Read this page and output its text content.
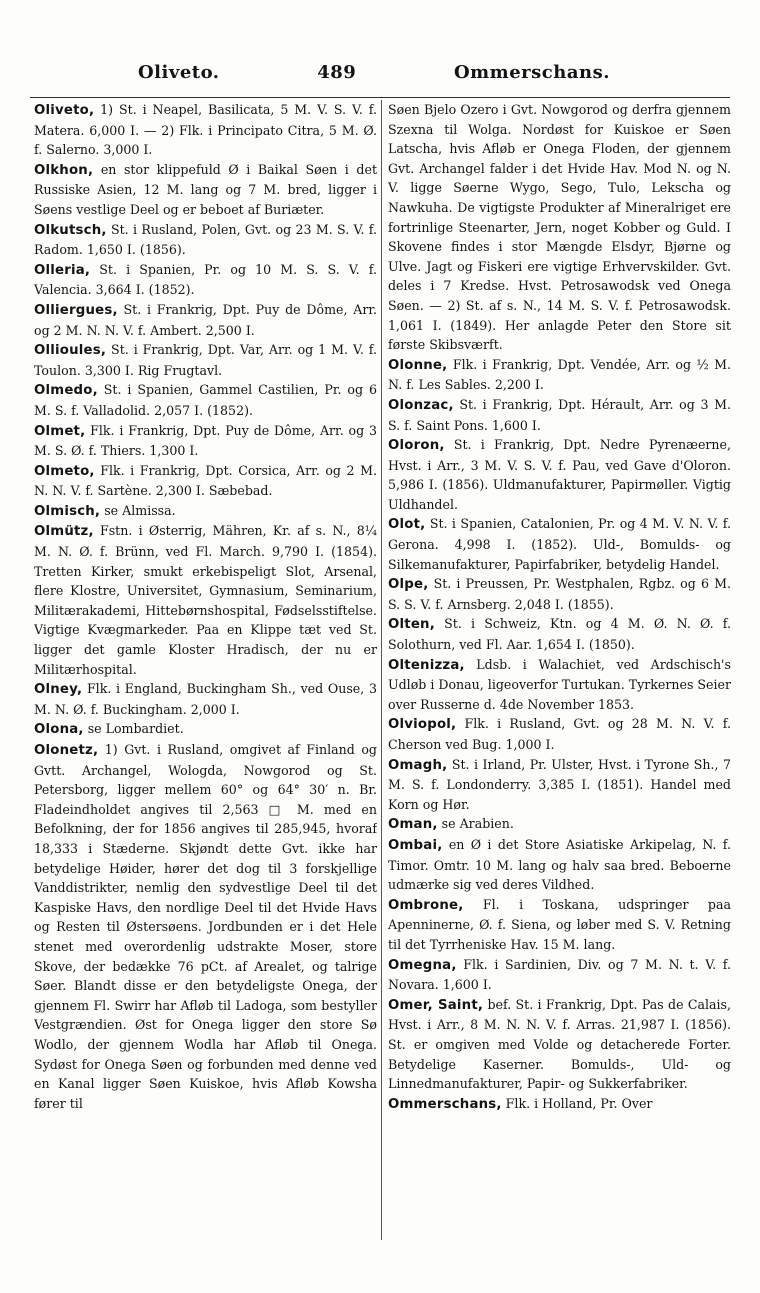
Oliveto.	489	Ommerschans.

Oliveto, 1) St. i Neapel, Basilicata, 5 M. V. S. V. f. Matera. 6,000 I. — 2) Flk. i Principato Citra, 5 M. Ø. f. Salerno. 3,000 I.

Olkhon, en stor klippefuld Ø i Baikal Søen i det Russiske Asien, 12 M. lang og 7 M. bred, ligger i Søens vestlige Deel og er beboet af Buriæter.

Olkutsch, St. i Rusland, Polen, Gvt. og 23 M. S. V. f. Radom. 1,650 I. (1856).

Olleria, St. i Spanien, Pr. og 10 M. S. S. V. f. Valencia. 3,664 I. (1852).

Olliergues, St. i Frankrig, Dpt. Puy de Dôme, Arr. og 2 M. N. N. V. f. Ambert. 2,500 I.

Ollioules, St. i Frankrig, Dpt. Var, Arr. og 1 M. V. f. Toulon. 3,300 I. Rig Frugtavl.

Olmedo, St. i Spanien, Gammel Castilien, Pr. og 6 M. S. f. Valladolid. 2,057 I. (1852).

Olmet, Flk. i Frankrig, Dpt. Puy de Dôme, Arr. og 3 M. S. Ø. f. Thiers. 1,300 I.

Olmeto, Flk. i Frankrig, Dpt. Corsica, Arr. og 2 M. N. N. V. f. Sartène. 2,300 I. Sæbebad.

Olmisch, se Almissa.

Olmütz, Fstn. i Østerrig, Mähren, Kr. af s. N., 8¼ M. N. Ø. f. Brünn, ved Fl. March. 9,790 I. (1854). Tretten Kirker, smukt erkebispeligt Slot, Arsenal, flere Klostre, Universitet, Gymnasium, Seminarium, Militærakademi, Hittebørnshospital, Fødselsstiftelse. Vigtige Kvægmarkeder. Paa en Klippe tæt ved St. ligger det gamle Kloster Hradisch, der nu er Militærhospital.

Olney, Flk. i England, Buckingham Sh., ved Ouse, 3 M. N. Ø. f. Buckingham. 2,000 I.

Olona, se Lombardiet.

Olonetz, 1) Gvt. i Rusland, omgivet af Finland og Gvtt. Archangel, Wologda, Nowgorod og St. Petersborg, ligger mellem 60° og 64° 30′ n. Br. Fladeindholdet angives til 2,563 □ M. med en Befolkning, der for 1856 angives til 285,945, hvoraf 18,333 i Stæderne. Skjøndt dette Gvt. ikke har betydelige Høider, hører det dog til 3 forskjellige Vanddistrikter, nemlig den sydvestlige Deel til det Kaspiske Havs, den nordlige Deel til det Hvide Havs og Resten til Østersøens. Jordbunden er i det Hele stenet med overordenlig udstrakte Moser, store Skove, der bedække 76 pCt. af Arealet, og talrige Søer. Blandt disse er den betydeligste Onega, der gjennem Fl. Swirr har Afløb til Ladoga, som bestyller Vestgrændien. Øst for Onega ligger den store Sø Wodlo, der gjennem Wodla har Afløb til Onega. Sydøst for Onega Søen og forbunden med denne ved en Kanal ligger Søen Kuiskoe, hvis Afløb Kowsha fører til

Søen Bjelo Ozero i Gvt. Nowgorod og derfra gjennem Szexna til Wolga. Nordøst for Kuiskoe er Søen Latscha, hvis Afløb er Onega Floden, der gjennem Gvt. Archangel falder i det Hvide Hav. Mod N. og N. V. ligge Søerne Wygo, Sego, Tulo, Lekscha og Nawkuha. De vigtigste Produkter af Mineralriget ere fortrinlige Steenarter, Jern, noget Kobber og Guld. I Skovene findes i stor Mængde Elsdyr, Bjørne og Ulve. Jagt og Fiskeri ere vigtige Erhvervskilder. Gvt. deles i 7 Kredse. Hvst. Petrosawodsk ved Onega Søen. — 2) St. af s. N., 14 M. S. V. f. Petrosawodsk. 1,061 I. (1849). Her anlagde Peter den Store sit første Skibsværft.

Olonne, Flk. i Frankrig, Dpt. Vendée, Arr. og ½ M. N. f. Les Sables. 2,200 I.

Olonzac, St. i Frankrig, Dpt. Hérault, Arr. og 3 M. S. f. Saint Pons. 1,600 I.

Oloron, St. i Frankrig, Dpt. Nedre Pyrenæerne, Hvst. i Arr., 3 M. V. S. V. f. Pau, ved Gave d'Oloron. 5,986 I. (1856). Uldmanufakturer, Papirmøller. Vigtig Uldhandel.

Olot, St. i Spanien, Catalonien, Pr. og 4 M. V. N. V. f. Gerona. 4,998 I. (1852). Uld-, Bomulds- og Silkemanufakturer, Papirfabriker, betydelig Handel.

Olpe, St. i Preussen, Pr. Westphalen, Rgbz. og 6 M. S. S. V. f. Arnsberg. 2,048 I. (1855).

Olten, St. i Schweiz, Ktn. og 4 M. Ø. N. Ø. f. Solothurn, ved Fl. Aar. 1,654 I. (1850).

Oltenizza, Ldsb. i Walachiet, ved Ardschisch's Udløb i Donau, ligeoverfor Turtukan. Tyrkernes Seier over Russerne d. 4de November 1853.

Olviopol, Flk. i Rusland, Gvt. og 28 M. N. V. f. Cherson ved Bug. 1,000 I.

Omagh, St. i Irland, Pr. Ulster, Hvst. i Tyrone Sh., 7 M. S. f. Londonderry. 3,385 I. (1851). Handel med Korn og Hør.

Oman, se Arabien.

Ombai, en Ø i det Store Asiatiske Arkipelag, N. f. Timor. Omtr. 10 M. lang og halv saa bred. Beboerne udmærke sig ved deres Vildhed.

Ombrone, Fl. i Toskana, udspringer paa Apenninerne, Ø. f. Siena, og løber med S. V. Retning til det Tyrrheniske Hav. 15 M. lang.

Omegna, Flk. i Sardinien, Div. og 7 M. N. t. V. f. Novara. 1,600 I.

Omer, Saint, bef. St. i Frankrig, Dpt. Pas de Calais, Hvst. i Arr., 8 M. N. N. V. f. Arras. 21,987 I. (1856). St. er omgiven med Volde og detacherede Forter. Betydelige Kaserner. Bomulds-, Uld- og Linnedmanufakturer, Papir- og Sukkerfabriker.

Ommerschans, Flk. i Holland, Pr. Over
